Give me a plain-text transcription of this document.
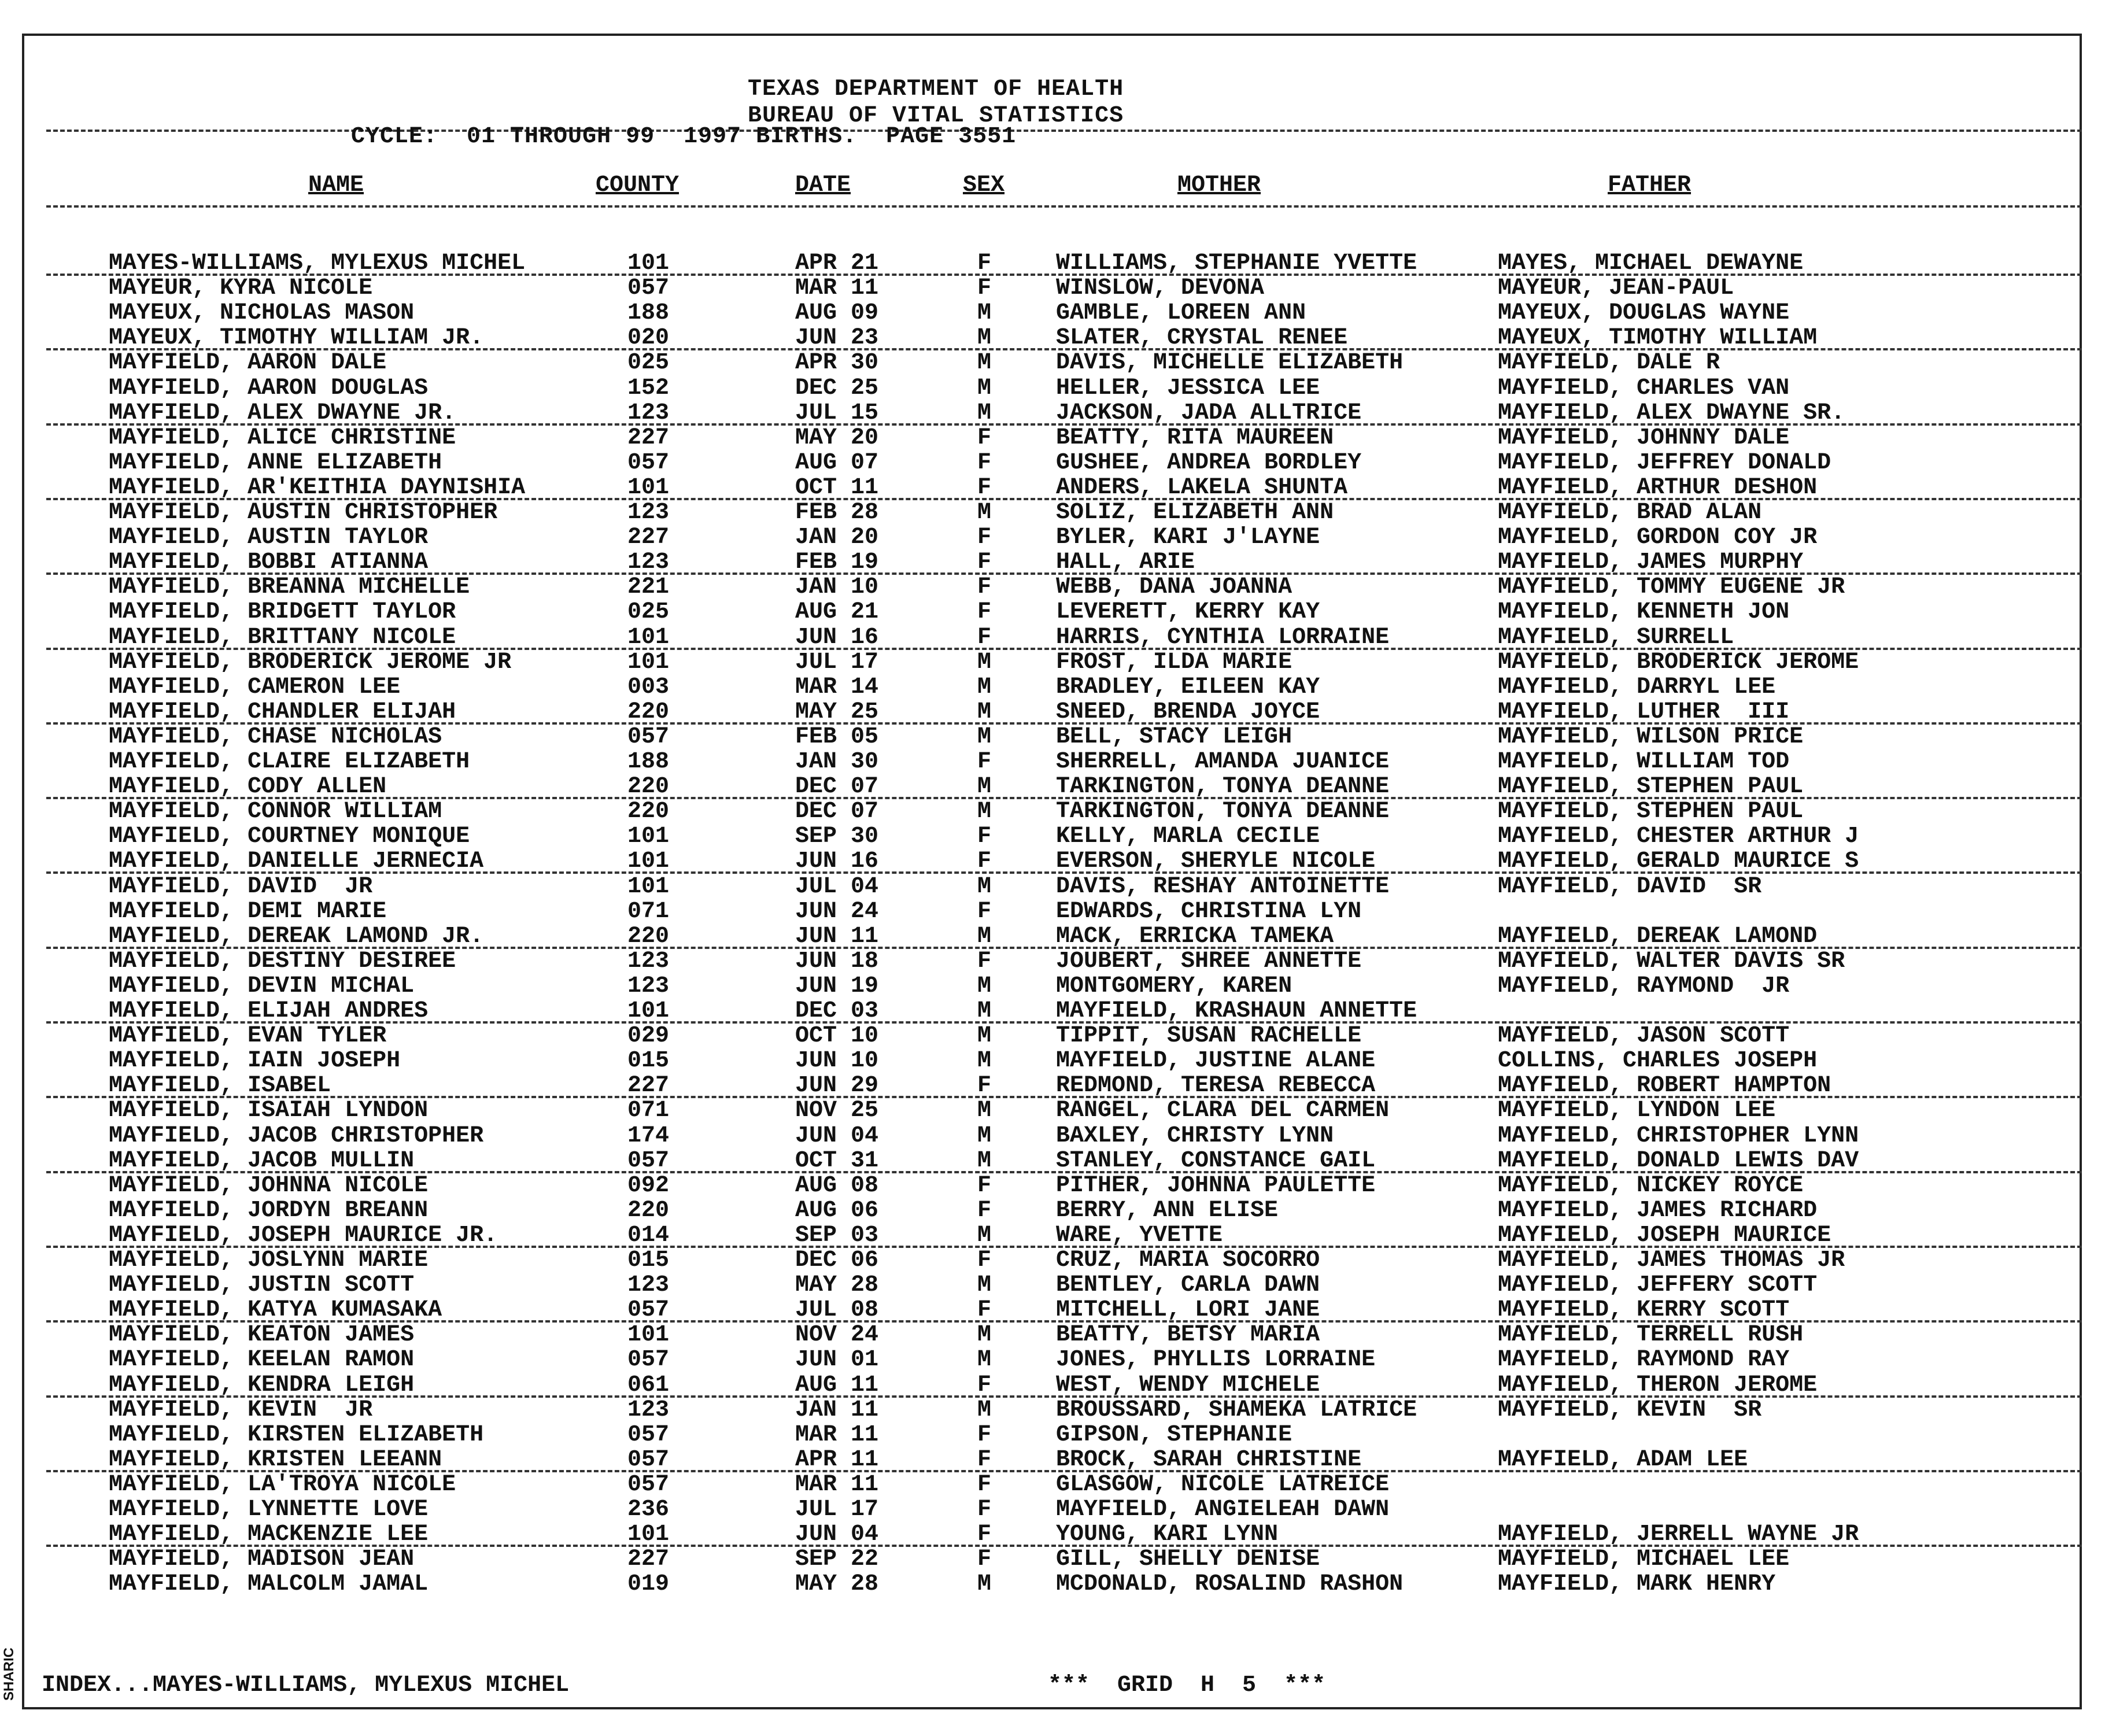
TEXAS DEPARTMENT OF HEALTH
BUREAU OF VITAL STATISTICS
CYCLE:  01 THROUGH 99  1997 BIRTHS.  PAGE 3551
NAME	COUNTY	DATE	SEX	MOTHER	FATHER
MAYES-WILLIAMS, MYLEXUS MICHEL	101	APR 21	F	WILLIAMS, STEPHANIE YVETTE	MAYES, MICHAEL DEWAYNE
MAYEUR, KYRA NICOLE	057	MAR 11	F	WINSLOW, DEVONA	MAYEUR, JEAN-PAUL
MAYEUX, NICHOLAS MASON	188	AUG 09	M	GAMBLE, LOREEN ANN	MAYEUX, DOUGLAS WAYNE
MAYEUX, TIMOTHY WILLIAM JR.	020	JUN 23	M	SLATER, CRYSTAL RENEE	MAYEUX, TIMOTHY WILLIAM
MAYFIELD, AARON DALE	025	APR 30	M	DAVIS, MICHELLE ELIZABETH	MAYFIELD, DALE R
MAYFIELD, AARON DOUGLAS	152	DEC 25	M	HELLER, JESSICA LEE	MAYFIELD, CHARLES VAN
MAYFIELD, ALEX DWAYNE JR.	123	JUL 15	M	JACKSON, JADA ALLTRICE	MAYFIELD, ALEX DWAYNE SR.
MAYFIELD, ALICE CHRISTINE	227	MAY 20	F	BEATTY, RITA MAUREEN	MAYFIELD, JOHNNY DALE
MAYFIELD, ANNE ELIZABETH	057	AUG 07	F	GUSHEE, ANDREA BORDLEY	MAYFIELD, JEFFREY DONALD
MAYFIELD, AR'KEITHIA DAYNISHIA	101	OCT 11	F	ANDERS, LAKELA SHUNTA	MAYFIELD, ARTHUR DESHON
MAYFIELD, AUSTIN CHRISTOPHER	123	FEB 28	M	SOLIZ, ELIZABETH ANN	MAYFIELD, BRAD ALAN
MAYFIELD, AUSTIN TAYLOR	227	JAN 20	F	BYLER, KARI J'LAYNE	MAYFIELD, GORDON COY JR
MAYFIELD, BOBBI ATIANNA	123	FEB 19	F	HALL, ARIE	MAYFIELD, JAMES MURPHY
MAYFIELD, BREANNA MICHELLE	221	JAN 10	F	WEBB, DANA JOANNA	MAYFIELD, TOMMY EUGENE JR
MAYFIELD, BRIDGETT TAYLOR	025	AUG 21	F	LEVERETT, KERRY KAY	MAYFIELD, KENNETH JON
MAYFIELD, BRITTANY NICOLE	101	JUN 16	F	HARRIS, CYNTHIA LORRAINE	MAYFIELD, SURRELL
MAYFIELD, BRODERICK JEROME JR	101	JUL 17	M	FROST, ILDA MARIE	MAYFIELD, BRODERICK JEROME
MAYFIELD, CAMERON LEE	003	MAR 14	M	BRADLEY, EILEEN KAY	MAYFIELD, DARRYL LEE
MAYFIELD, CHANDLER ELIJAH	220	MAY 25	M	SNEED, BRENDA JOYCE	MAYFIELD, LUTHER  III
MAYFIELD, CHASE NICHOLAS	057	FEB 05	M	BELL, STACY LEIGH	MAYFIELD, WILSON PRICE
MAYFIELD, CLAIRE ELIZABETH	188	JAN 30	F	SHERRELL, AMANDA JUANICE	MAYFIELD, WILLIAM TOD
MAYFIELD, CODY ALLEN	220	DEC 07	M	TARKINGTON, TONYA DEANNE	MAYFIELD, STEPHEN PAUL
MAYFIELD, CONNOR WILLIAM	220	DEC 07	M	TARKINGTON, TONYA DEANNE	MAYFIELD, STEPHEN PAUL
MAYFIELD, COURTNEY MONIQUE	101	SEP 30	F	KELLY, MARLA CECILE	MAYFIELD, CHESTER ARTHUR J
MAYFIELD, DANIELLE JERNECIA	101	JUN 16	F	EVERSON, SHERYLE NICOLE	MAYFIELD, GERALD MAURICE S
MAYFIELD, DAVID  JR	101	JUL 04	M	DAVIS, RESHAY ANTOINETTE	MAYFIELD, DAVID  SR
MAYFIELD, DEMI MARIE	071	JUN 24	F	EDWARDS, CHRISTINA LYN
MAYFIELD, DEREAK LAMOND JR.	220	JUN 11	M	MACK, ERRICKA TAMEKA	MAYFIELD, DEREAK LAMOND
MAYFIELD, DESTINY DESIREE	123	JUN 18	F	JOUBERT, SHREE ANNETTE	MAYFIELD, WALTER DAVIS SR
MAYFIELD, DEVIN MICHAL	123	JUN 19	M	MONTGOMERY, KAREN	MAYFIELD, RAYMOND  JR
MAYFIELD, ELIJAH ANDRES	101	DEC 03	M	MAYFIELD, KRASHAUN ANNETTE
MAYFIELD, EVAN TYLER	029	OCT 10	M	TIPPIT, SUSAN RACHELLE	MAYFIELD, JASON SCOTT
MAYFIELD, IAIN JOSEPH	015	JUN 10	M	MAYFIELD, JUSTINE ALANE	COLLINS, CHARLES JOSEPH
MAYFIELD, ISABEL	227	JUN 29	F	REDMOND, TERESA REBECCA	MAYFIELD, ROBERT HAMPTON
MAYFIELD, ISAIAH LYNDON	071	NOV 25	M	RANGEL, CLARA DEL CARMEN	MAYFIELD, LYNDON LEE
MAYFIELD, JACOB CHRISTOPHER	174	JUN 04	M	BAXLEY, CHRISTY LYNN	MAYFIELD, CHRISTOPHER LYNN
MAYFIELD, JACOB MULLIN	057	OCT 31	M	STANLEY, CONSTANCE GAIL	MAYFIELD, DONALD LEWIS DAV
MAYFIELD, JOHNNA NICOLE	092	AUG 08	F	PITHER, JOHNNA PAULETTE	MAYFIELD, NICKEY ROYCE
MAYFIELD, JORDYN BREANN	220	AUG 06	F	BERRY, ANN ELISE	MAYFIELD, JAMES RICHARD
MAYFIELD, JOSEPH MAURICE JR.	014	SEP 03	M	WARE, YVETTE	MAYFIELD, JOSEPH MAURICE
MAYFIELD, JOSLYNN MARIE	015	DEC 06	F	CRUZ, MARIA SOCORRO	MAYFIELD, JAMES THOMAS JR
MAYFIELD, JUSTIN SCOTT	123	MAY 28	M	BENTLEY, CARLA DAWN	MAYFIELD, JEFFERY SCOTT
MAYFIELD, KATYA KUMASAKA	057	JUL 08	F	MITCHELL, LORI JANE	MAYFIELD, KERRY SCOTT
MAYFIELD, KEATON JAMES	101	NOV 24	M	BEATTY, BETSY MARIA	MAYFIELD, TERRELL RUSH
MAYFIELD, KEELAN RAMON	057	JUN 01	M	JONES, PHYLLIS LORRAINE	MAYFIELD, RAYMOND RAY
MAYFIELD, KENDRA LEIGH	061	AUG 11	F	WEST, WENDY MICHELE	MAYFIELD, THERON JEROME
MAYFIELD, KEVIN  JR	123	JAN 11	M	BROUSSARD, SHAMEKA LATRICE	MAYFIELD, KEVIN  SR
MAYFIELD, KIRSTEN ELIZABETH	057	MAR 11	F	GIPSON, STEPHANIE
MAYFIELD, KRISTEN LEEANN	057	APR 11	F	BROCK, SARAH CHRISTINE	MAYFIELD, ADAM LEE
MAYFIELD, LA'TROYA NICOLE	057	MAR 11	F	GLASGOW, NICOLE LATREICE
MAYFIELD, LYNNETTE LOVE	236	JUL 17	F	MAYFIELD, ANGIELEAH DAWN
MAYFIELD, MACKENZIE LEE	101	JUN 04	F	YOUNG, KARI LYNN	MAYFIELD, JERRELL WAYNE JR
MAYFIELD, MADISON JEAN	227	SEP 22	F	GILL, SHELLY DENISE	MAYFIELD, MICHAEL LEE
MAYFIELD, MALCOLM JAMAL	019	MAY 28	M	MCDONALD, ROSALIND RASHON	MAYFIELD, MARK HENRY
INDEX...MAYES-WILLIAMS, MYLEXUS MICHEL	***  GRID  H  5  ***
SHARIC
